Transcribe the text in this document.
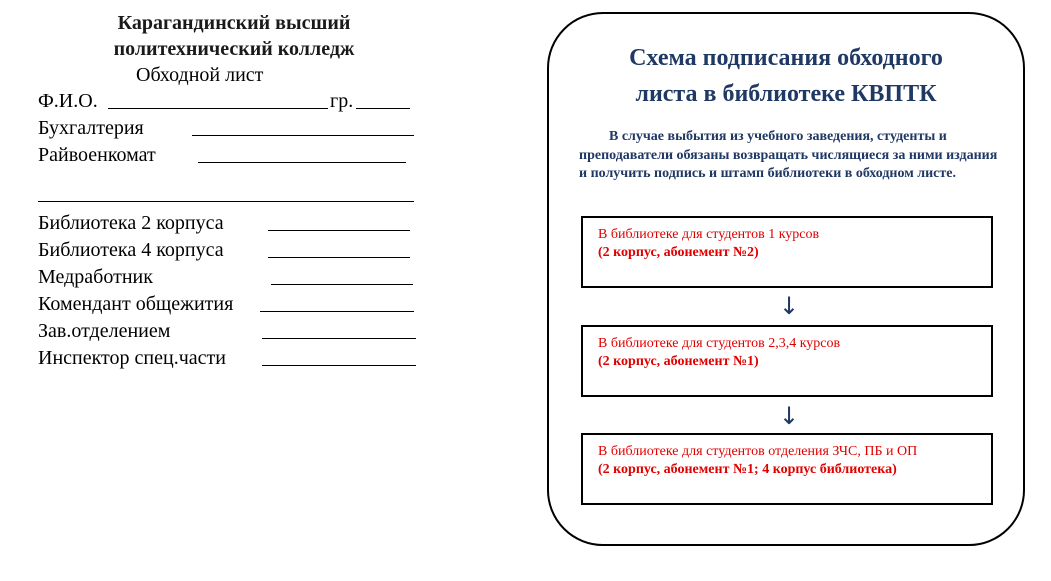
Карагандинский высший

политехнический колледж

Обходной лист

Ф.И.О.	гр.
Бухгалтерия
Райвоенкомат
Библиотека 2 корпуса
Библиотека 4 корпуса
Медработник
Комендант общежития
Зав.отделением
Инспектор спец.части
Схема подписания обходного
листа в библиотеке КВПТК

В случае выбытия из учебного заведения, студенты и преподаватели обязаны возвращать числящиеся за ними издания и получить подпись и штамп библиотеки в обходном листе.

В библиотеке для студентов 1 курсов
(2 корпус, абонемент №2)
↓
В библиотеке для студентов 2,3,4 курсов
(2 корпус, абонемент №1)
↓
В библиотеке для студентов отделения ЗЧС, ПБ и ОП
(2 корпус, абонемент №1; 4 корпус библиотека)
